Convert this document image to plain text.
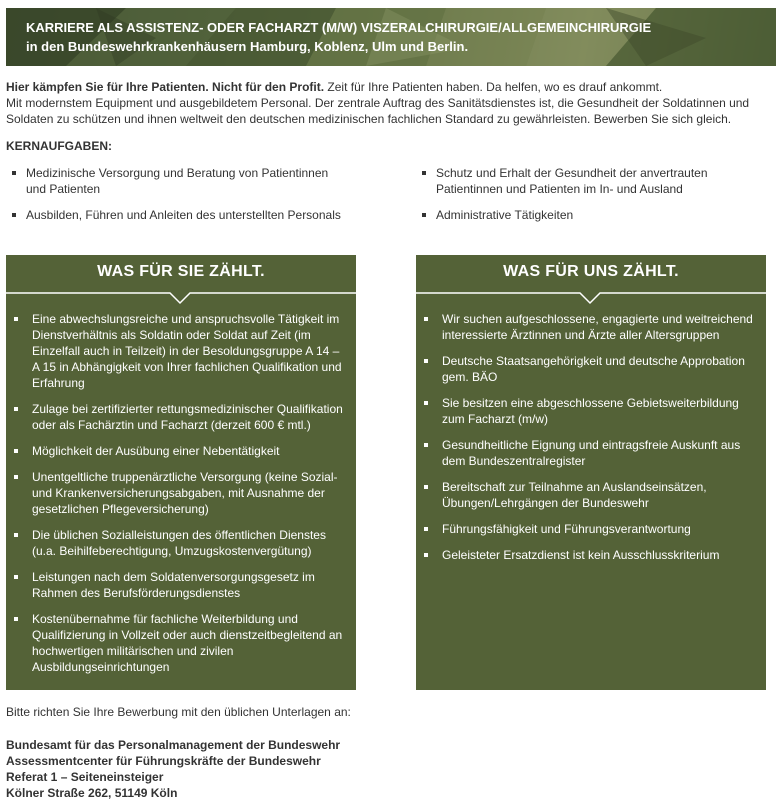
KARRIERE ALS ASSISTENZ- ODER FACHARZT (M/W) VISZERALCHIRURGIE/ALLGEMEINCHIRURGIE
in den Bundeswehrkrankenhäusern Hamburg, Koblenz, Ulm und Berlin.

Hier kämpfen Sie für Ihre Patienten. Nicht für den Profit. Zeit für Ihre Patienten haben. Da helfen, wo es drauf ankommt.

Mit modernstem Equipment und ausgebildetem Personal. Der zentrale Auftrag des Sanitätsdienstes ist, die Gesundheit der Soldatinnen und

Soldaten zu schützen und ihnen weltweit den deutschen medizinischen fachlichen Standard zu gewährleisten. Bewerben Sie sich gleich.

KERNAUFGABEN:
Medizinische Versorgung und Beratung von Patientinnen und Patienten
Ausbilden, Führen und Anleiten des unterstellten Personals
Schutz und Erhalt der Gesundheit der anvertrauten Patientinnen und Patienten im In- und Ausland
Administrative Tätigkeiten
WAS FÜR SIE ZÄHLT.
Eine abwechslungsreiche und anspruchsvolle Tätigkeit im Dienstverhältnis als Soldatin oder Soldat auf Zeit (im Einzelfall auch in Teilzeit) in der Besoldungsgruppe A 14 – A 15 in Abhängigkeit von Ihrer fachlichen Qualifikation und Erfahrung
Zulage bei zertifizierter rettungsmedizinischer Qualifikation oder als Fachärztin und Facharzt (derzeit 600 € mtl.)
Möglichkeit der Ausübung einer Nebentätigkeit
Unentgeltliche truppenärztliche Versorgung (keine Sozial- und Krankenversicherungsabgaben, mit Ausnahme der gesetzlichen Pflegeversicherung)
Die üblichen Sozialleistungen des öffentlichen Dienstes (u.a. Beihilfeberechtigung, Umzugskostenvergütung)
Leistungen nach dem Soldatenversorgungsgesetz im Rahmen des Berufsförderungsdienstes
Kostenübernahme für fachliche Weiterbildung und Qualifizierung in Vollzeit oder auch dienstzeitbegleitend an hochwertigen militärischen und zivilen Ausbildungseinrichtungen
WAS FÜR UNS ZÄHLT.
Wir suchen aufgeschlossene, engagierte und weitreichend interessierte Ärztinnen und Ärzte aller Altersgruppen
Deutsche Staatsangehörigkeit und deutsche Approbation gem. BÄO
Sie besitzen eine abgeschlossene Gebietsweiterbildung zum Facharzt (m/w)
Gesundheitliche Eignung und eintragsfreie Auskunft aus dem Bundeszentralregister
Bereitschaft zur Teilnahme an Auslandseinsätzen, Übungen/Lehrgängen der Bundeswehr
Führungsfähigkeit und Führungsverantwortung
Geleisteter Ersatzdienst ist kein Ausschlusskriterium
Bitte richten Sie Ihre Bewerbung mit den üblichen Unterlagen an:
Bundesamt für das Personalmanagement der Bundeswehr
Assessmentcenter für Führungskräfte der Bundeswehr
Referat 1 – Seiteneinsteiger
Kölner Straße 262, 51149 Köln
